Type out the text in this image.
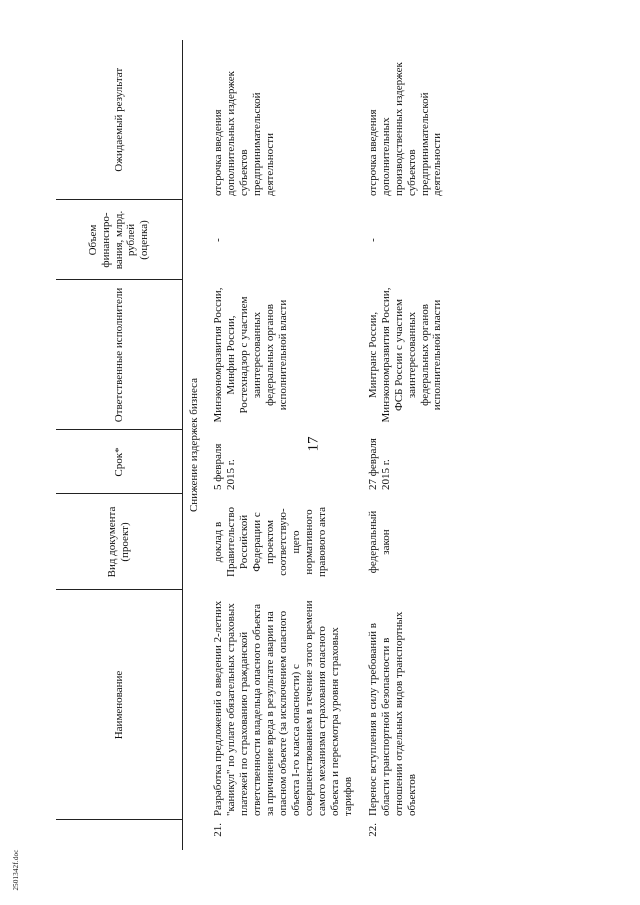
17
	Наименование	Вид документа (проект)	Срок*	Ответственные исполнители	Объем финансиро- вания, млрд. рублей (оценка)	Ожидаемый результат
Снижение издержек бизнеса						
21.	Разработка предложений о введении 2-летних "каникул" по уплате обязательных страховых платежей по страхованию гражданской ответственности владельца опасного объекта за причинение вреда в результате аварии на опасном объекте (за исключением опасного объекта I-го класса опасности) с совершенствованием в течение этого времени самого механизма страхования опасного объекта и пересмотра уровня страховых тарифов	доклад в Правительство Российской Федерации с проектом соответствую-щего нормативного правового акта	5 февраля 2015 г.	Минэкономразвития России, Минфин России, Ростехнадзор с участием заинтересованных федеральных органов исполнительной власти	-	отсрочка введения дополнительных издержек субъектов предпринимательской деятельности
22.	Перенос вступления в силу требований в области транспортной безопасности в отношении отдельных видов транспортных объектов	федеральный закон	27 февраля 2015 г.	Минтранс России, Минэкономразвития России, ФСБ России с участием заинтересованных федеральных органов исполнительной власти	-	отсрочка введения дополнительных производственных издержек субъектов предпринимательской деятельности
2501342f.doc
